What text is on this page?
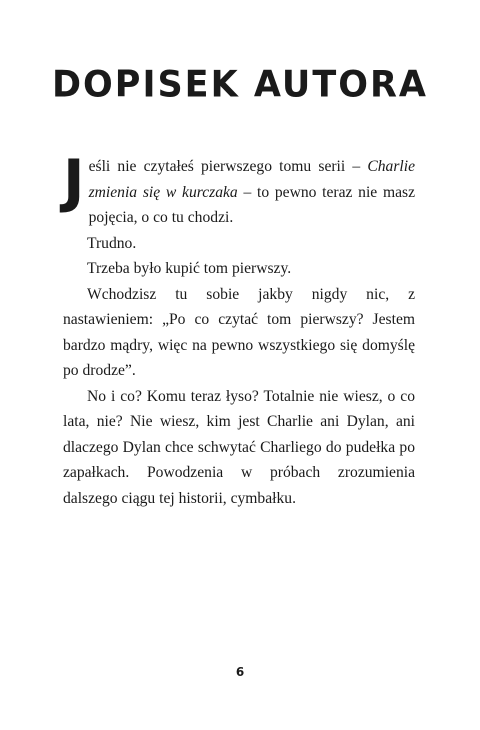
DOPISEK AUTORA

Jeśli nie czytałeś pierwszego tomu serii – Charlie zmienia się w kurczaka – to pewno teraz nie masz pojęcia, o co tu chodzi.

Trudno.

Trzeba było kupić tom pierwszy.

Wchodzisz tu sobie jakby nigdy nic, z nastawieniem: „Po co czytać tom pierwszy? Jestem bardzo mądry, więc na pewno wszystkiego się domyślę po drodze”.

No i co? Komu teraz łyso? Totalnie nie wiesz, o co lata, nie? Nie wiesz, kim jest Charlie ani Dylan, ani dlaczego Dylan chce schwytać Charliego do pudełka po zapałkach. Powodzenia w próbach zrozumienia dalszego ciągu tej historii, cymbałku.

6
